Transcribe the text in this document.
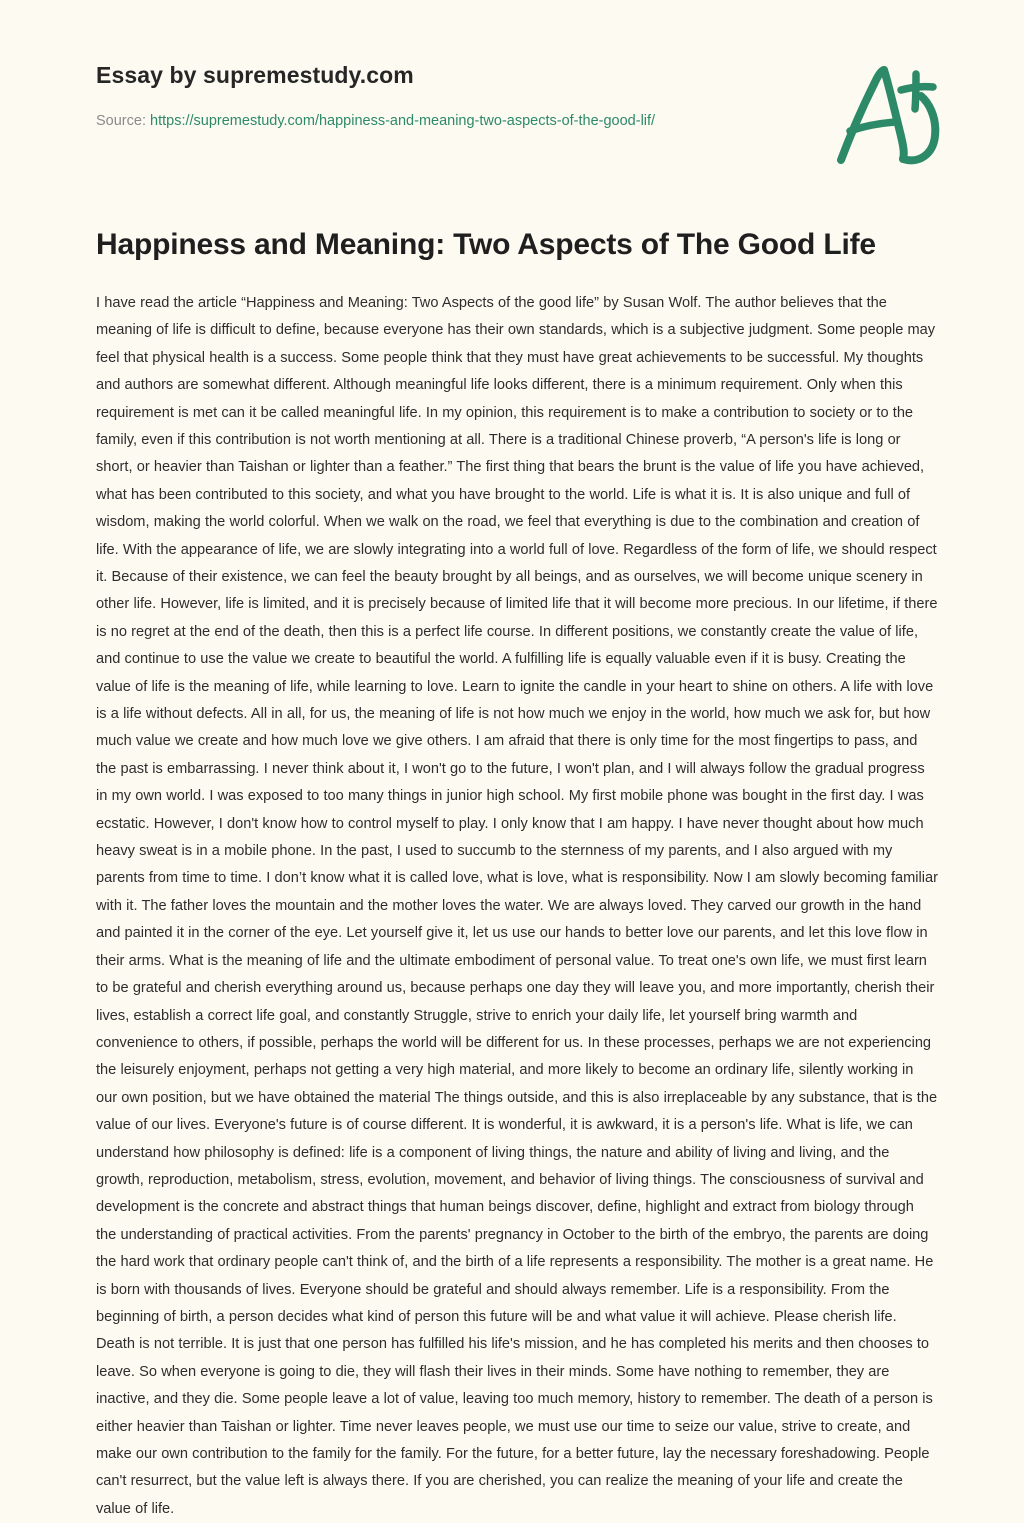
Essay by supremestudy.com
Source: https://supremestudy.com/happiness-and-meaning-two-aspects-of-the-good-lif/
Happiness and Meaning: Two Aspects of The Good Life

I have read the article “Happiness and Meaning: Two Aspects of the good life” by Susan Wolf. The author believes that the meaning of life is difficult to define, because everyone has their own standards, which is a subjective judgment. Some people may feel that physical health is a success. Some people think that they must have great achievements to be successful. My thoughts and authors are somewhat different. Although meaningful life looks different, there is a minimum requirement. Only when this requirement is met can it be called meaningful life. In my opinion, this requirement is to make a contribution to society or to the family, even if this contribution is not worth mentioning at all. There is a traditional Chinese proverb, “A person's life is long or short, or heavier than Taishan or lighter than a feather.” The first thing that bears the brunt is the value of life you have achieved, what has been contributed to this society, and what you have brought to the world. Life is what it is. It is also unique and full of wisdom, making the world colorful. When we walk on the road, we feel that everything is due to the combination and creation of life. With the appearance of life, we are slowly integrating into a world full of love. Regardless of the form of life, we should respect it. Because of their existence, we can feel the beauty brought by all beings, and as ourselves, we will become unique scenery in other life. However, life is limited, and it is precisely because of limited life that it will become more precious. In our lifetime, if there is no regret at the end of the death, then this is a perfect life course. In different positions, we constantly create the value of life, and continue to use the value we create to beautiful the world. A fulfilling life is equally valuable even if it is busy. Creating the value of life is the meaning of life, while learning to love. Learn to ignite the candle in your heart to shine on others. A life with love is a life without defects. All in all, for us, the meaning of life is not how much we enjoy in the world, how much we ask for, but how much value we create and how much love we give others. I am afraid that there is only time for the most fingertips to pass, and the past is embarrassing. I never think about it, I won't go to the future, I won't plan, and I will always follow the gradual progress in my own world. I was exposed to too many things in junior high school. My first mobile phone was bought in the first day. I was ecstatic. However, I don't know how to control myself to play. I only know that I am happy. I have never thought about how much heavy sweat is in a mobile phone. In the past, I used to succumb to the sternness of my parents, and I also argued with my parents from time to time. I don’t know what it is called love, what is love, what is responsibility. Now I am slowly becoming familiar with it. The father loves the mountain and the mother loves the water. We are always loved. They carved our growth in the hand and painted it in the corner of the eye. Let yourself give it, let us use our hands to better love our parents, and let this love flow in their arms. What is the meaning of life and the ultimate embodiment of personal value. To treat one's own life, we must first learn to be grateful and cherish everything around us, because perhaps one day they will leave you, and more importantly, cherish their lives, establish a correct life goal, and constantly Struggle, strive to enrich your daily life, let yourself bring warmth and convenience to others, if possible, perhaps the world will be different for us. In these processes, perhaps we are not experiencing the leisurely enjoyment, perhaps not getting a very high material, and more likely to become an ordinary life, silently working in our own position, but we have obtained the material The things outside, and this is also irreplaceable by any substance, that is the value of our lives. Everyone's future is of course different. It is wonderful, it is awkward, it is a person's life. What is life, we can understand how philosophy is defined: life is a component of living things, the nature and ability of living and living, and the growth, reproduction, metabolism, stress, evolution, movement, and behavior of living things. The consciousness of survival and development is the concrete and abstract things that human beings discover, define, highlight and extract from biology through the understanding of practical activities. From the parents' pregnancy in October to the birth of the embryo, the parents are doing the hard work that ordinary people can't think of, and the birth of a life represents a responsibility. The mother is a great name. He is born with thousands of lives. Everyone should be grateful and should always remember. Life is a responsibility. From the beginning of birth, a person decides what kind of person this future will be and what value it will achieve. Please cherish life. Death is not terrible. It is just that one person has fulfilled his life's mission, and he has completed his merits and then chooses to leave. So when everyone is going to die, they will flash their lives in their minds. Some have nothing to remember, they are inactive, and they die. Some people leave a lot of value, leaving too much memory, history to remember. The death of a person is either heavier than Taishan or lighter. Time never leaves people, we must use our time to seize our value, strive to create, and make our own contribution to the family for the family. For the future, for a better future, lay the necessary foreshadowing. People can't resurrect, but the value left is always there. If you are cherished, you can realize the meaning of your life and create the value of life.
